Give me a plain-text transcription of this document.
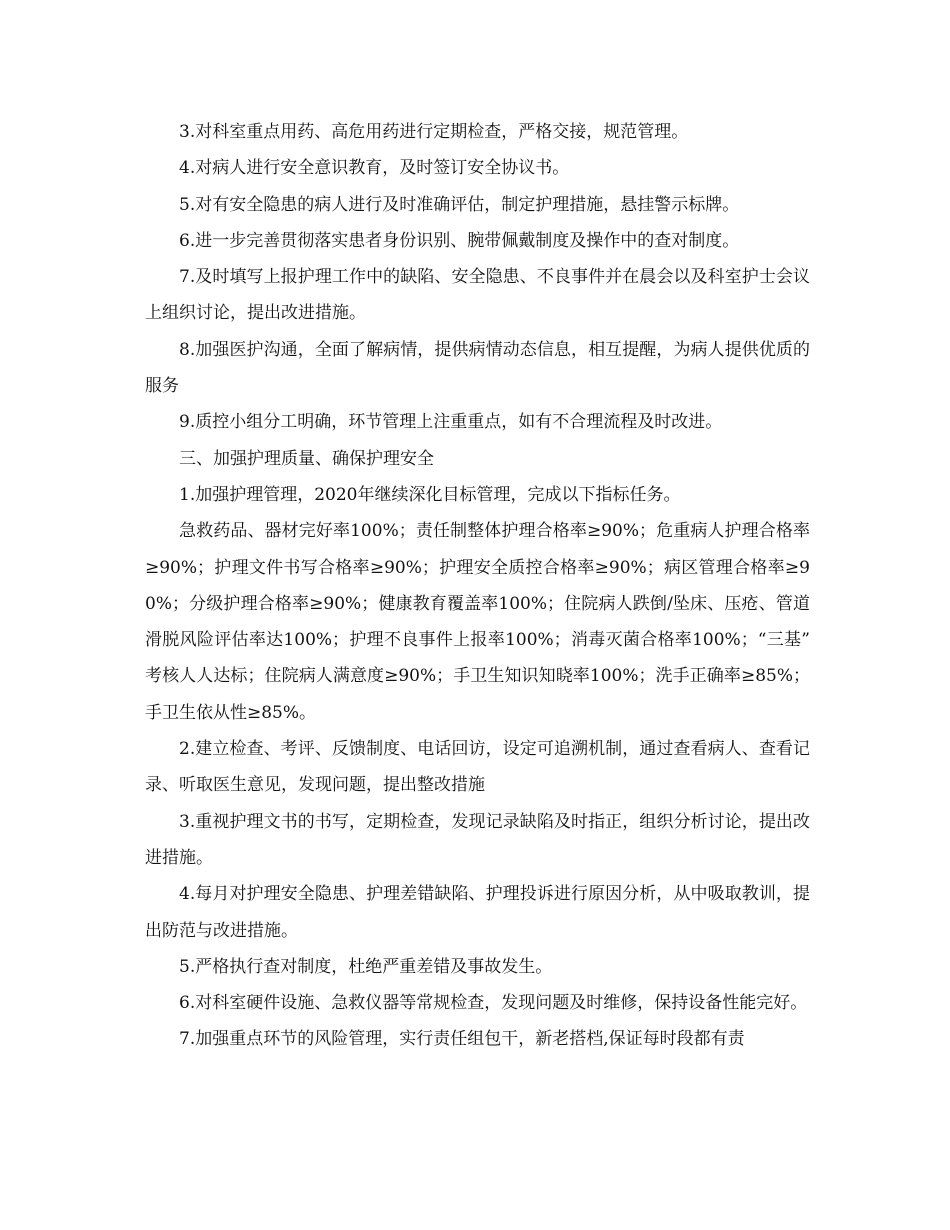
3.对科室重点用药、高危用药进行定期检查，严格交接，规范管理。

4.对病人进行安全意识教育，及时签订安全协议书。

5.对有安全隐患的病人进行及时准确评估，制定护理措施，悬挂警示标牌。

6.进一步完善贯彻落实患者身份识别、腕带佩戴制度及操作中的查对制度。

7.及时填写上报护理工作中的缺陷、安全隐患、不良事件并在晨会以及科室护士会议上组织讨论，提出改进措施。

8.加强医护沟通，全面了解病情，提供病情动态信息，相互提醒，为病人提供优质的服务

9.质控小组分工明确，环节管理上注重重点，如有不合理流程及时改进。

三、加强护理质量、确保护理安全

1.加强护理管理，2020年继续深化目标管理，完成以下指标任务。

急救药品、器材完好率100%；责任制整体护理合格率≥90%；危重病人护理合格率≥90%；护理文件书写合格率≥90%；护理安全质控合格率≥90%；病区管理合格率≥90%；分级护理合格率≥90%；健康教育覆盖率100%；住院病人跌倒/坠床、压疮、管道滑脱风险评估率达100%；护理不良事件上报率100%；消毒灭菌合格率100%；“三基”考核人人达标；住院病人满意度≥90%；手卫生知识知晓率100%；洗手正确率≥85%；手卫生依从性≥85%。

2.建立检查、考评、反馈制度、电话回访，设定可追溯机制，通过查看病人、查看记录、听取医生意见，发现问题，提出整改措施

3.重视护理文书的书写，定期检查，发现记录缺陷及时指正，组织分析讨论，提出改进措施。

4.每月对护理安全隐患、护理差错缺陷、护理投诉进行原因分析，从中吸取教训，提出防范与改进措施。

5.严格执行查对制度，杜绝严重差错及事故发生。

6.对科室硬件设施、急救仪器等常规检查，发现问题及时维修，保持设备性能完好。

7.加强重点环节的风险管理，实行责任组包干，新老搭档,保证每时段都有责
